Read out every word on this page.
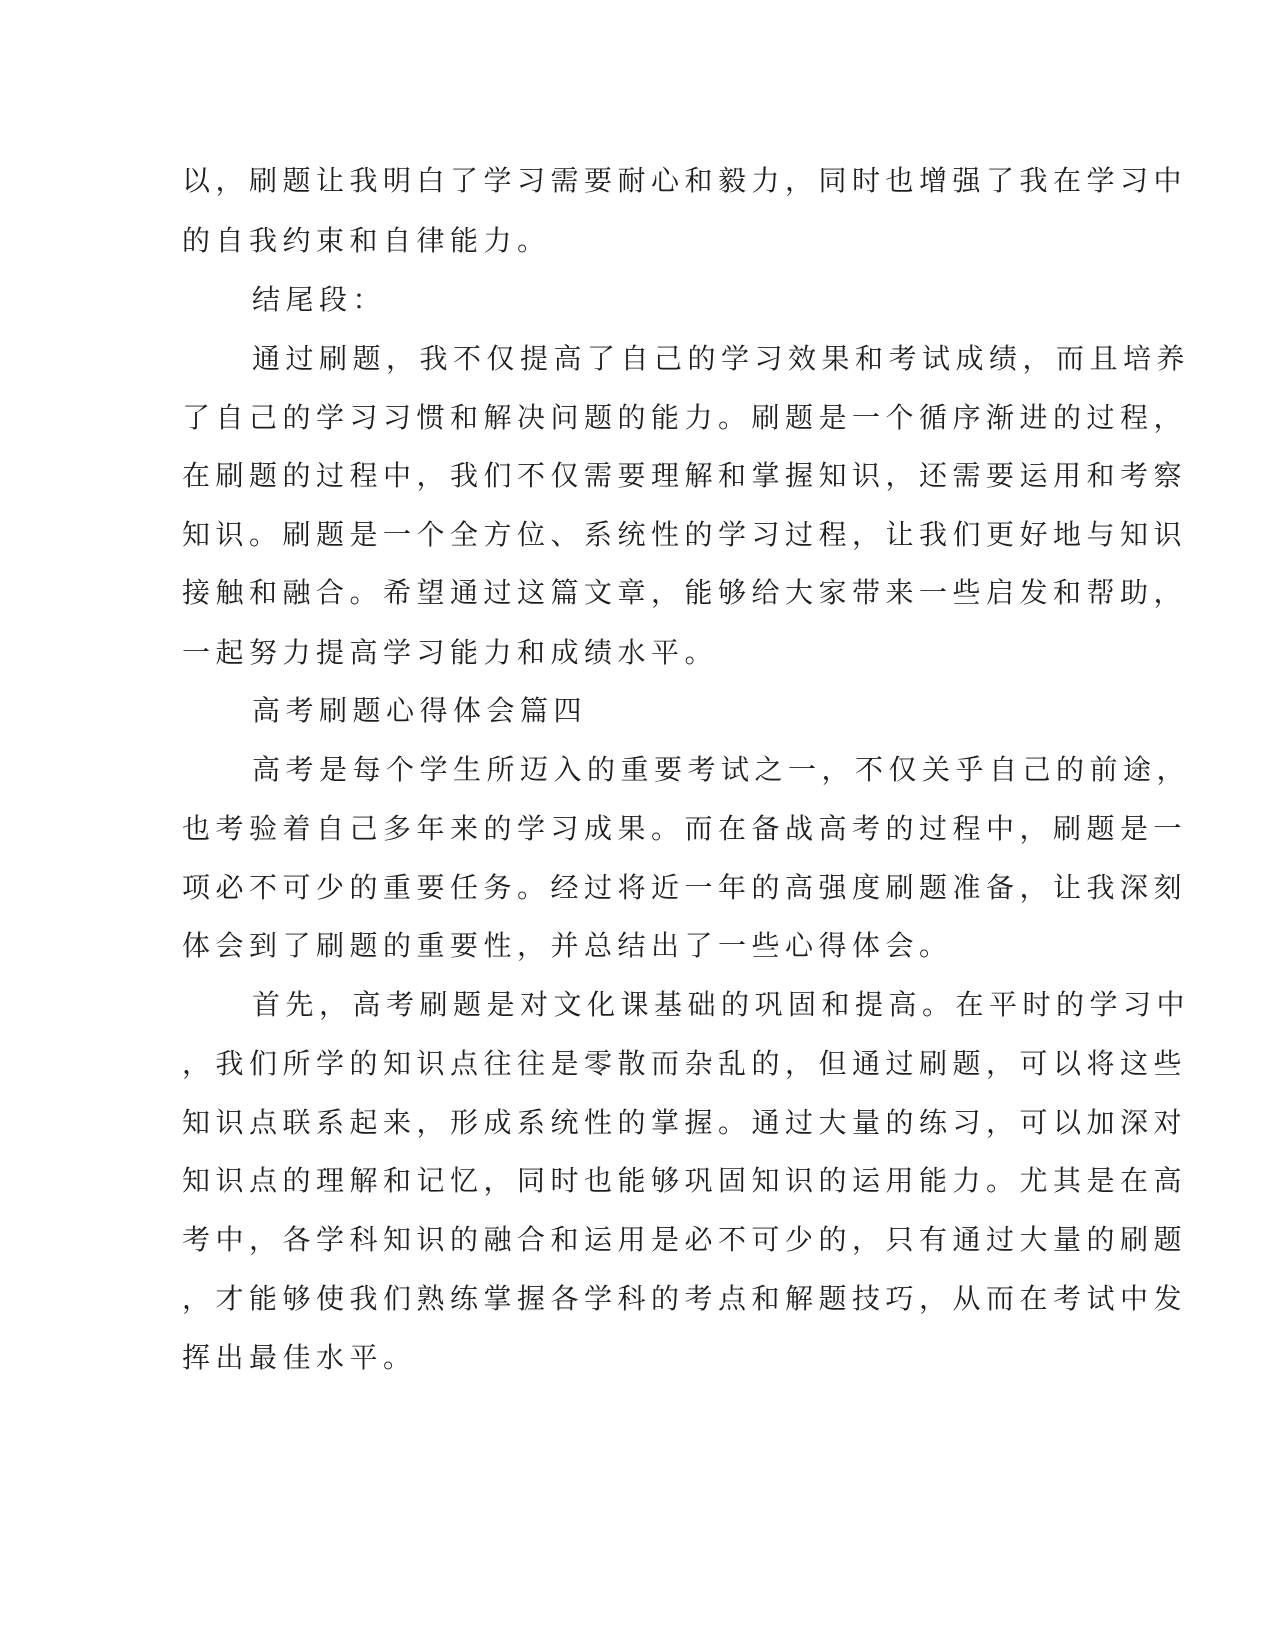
以，刷题让我明白了学习需要耐心和毅力，同时也增强了我在学习中

的自我约束和自律能力。

结尾段：

通过刷题，我不仅提高了自己的学习效果和考试成绩，而且培养

了自己的学习习惯和解决问题的能力。刷题是一个循序渐进的过程，

在刷题的过程中，我们不仅需要理解和掌握知识，还需要运用和考察

知识。刷题是一个全方位、系统性的学习过程，让我们更好地与知识

接触和融合。希望通过这篇文章，能够给大家带来一些启发和帮助，

一起努力提高学习能力和成绩水平。

高考刷题心得体会篇四

高考是每个学生所迈入的重要考试之一，不仅关乎自己的前途，

也考验着自己多年来的学习成果。而在备战高考的过程中，刷题是一

项必不可少的重要任务。经过将近一年的高强度刷题准备，让我深刻

体会到了刷题的重要性，并总结出了一些心得体会。

首先，高考刷题是对文化课基础的巩固和提高。在平时的学习中

，我们所学的知识点往往是零散而杂乱的，但通过刷题，可以将这些

知识点联系起来，形成系统性的掌握。通过大量的练习，可以加深对

知识点的理解和记忆，同时也能够巩固知识的运用能力。尤其是在高

考中，各学科知识的融合和运用是必不可少的，只有通过大量的刷题

，才能够使我们熟练掌握各学科的考点和解题技巧，从而在考试中发

挥出最佳水平。
